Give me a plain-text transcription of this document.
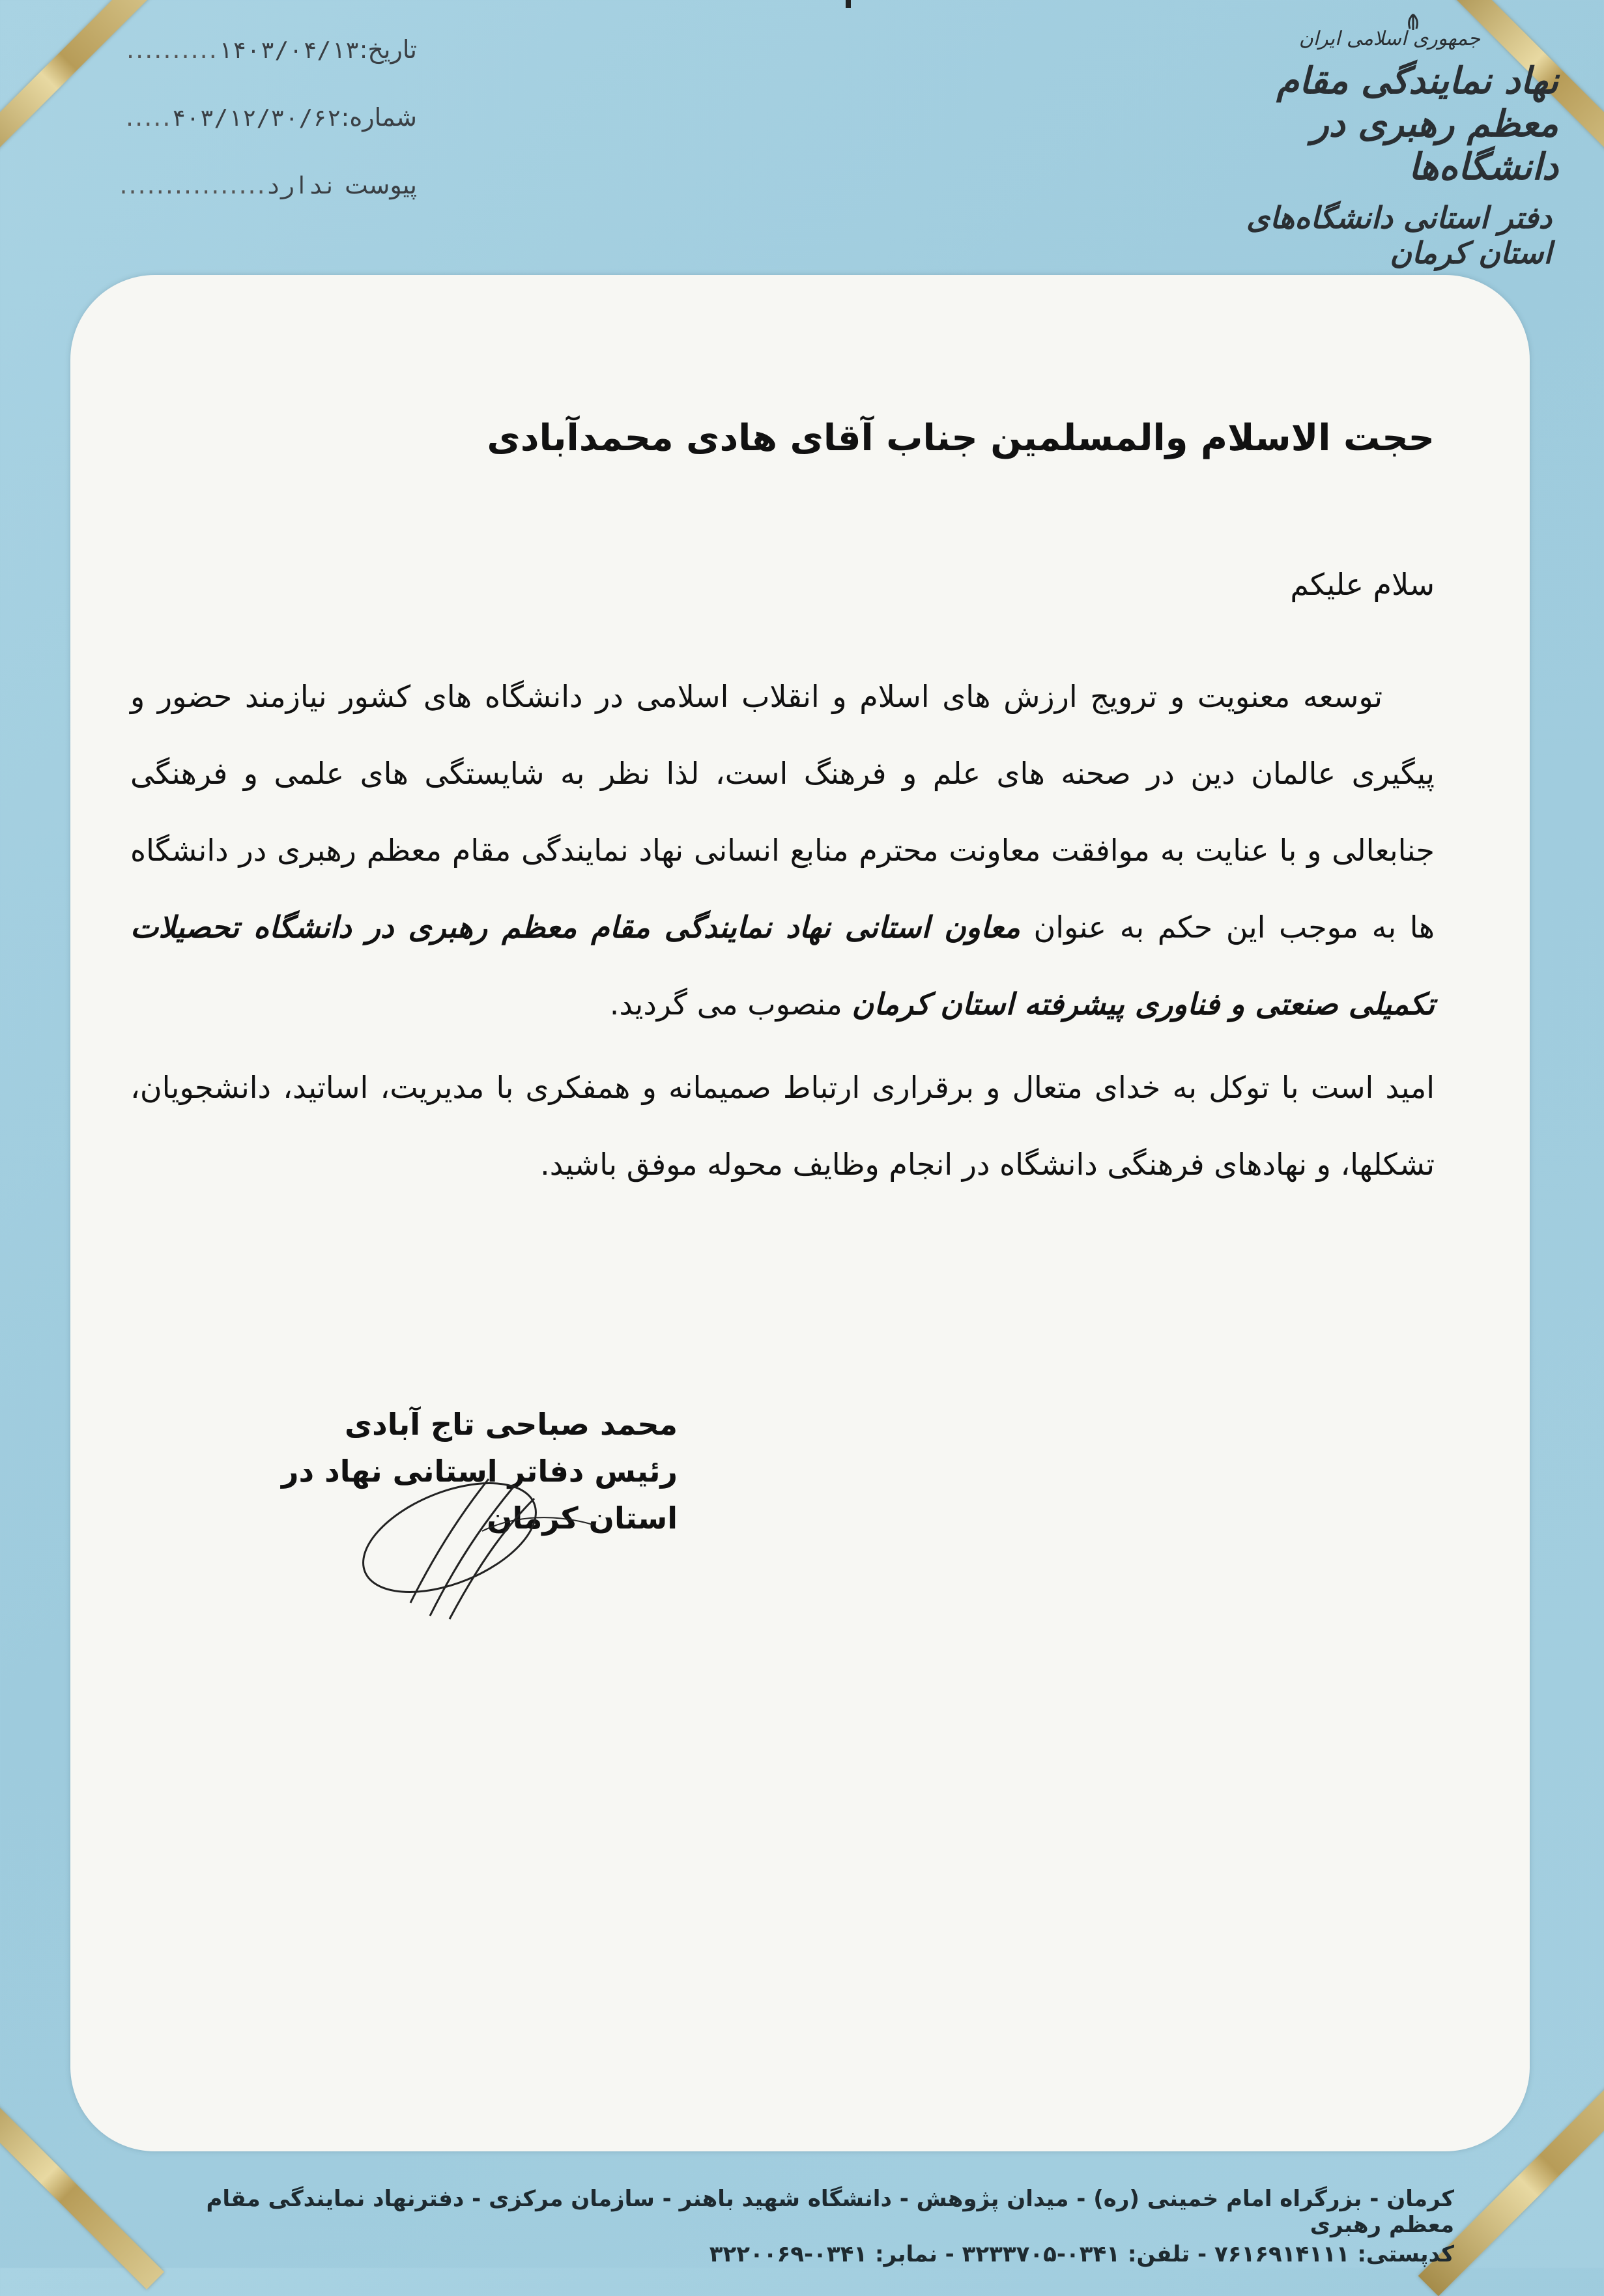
جمهوری اسلامی ایران
نهاد نمایندگی مقام معظم رهبری در دانشگاه‌ها
دفتر استانی دانشگاه‌های استان کرمان
تاریخ:
۱۴۰۳/۰۴/۱۳
..........
شماره:
۴۰۳/۱۲/۳۰/۶۲
.....
پیوست

ندارد
................
حجت الاسلام والمسلمین جناب آقای هادی محمدآبادی
سلام علیکم

توسعه معنویت و ترویج ارزش های اسلام و انقلاب اسلامی در دانشگاه های کشور نیازمند حضور و پیگیری عالمان دین در صحنه های علم و فرهنگ است، لذا نظر به شایستگی های علمی و فرهنگی جنابعالی و با عنایت به موافقت معاونت محترم منابع انسانی نهاد نمایندگی مقام معظم رهبری در دانشگاه ها به موجب این حکم به عنوان معاون استانی نهاد نمایندگی مقام معظم رهبری در دانشگاه تحصیلات تکمیلی صنعتی و فناوری پیشرفته استان کرمان منصوب می گردید.

امید است با توکل به خدای متعال و برقراری ارتباط صمیمانه و همفکری با مدیریت، اساتید، دانشجویان، تشکلها، و نهادهای فرهنگی دانشگاه در انجام وظایف محوله موفق باشید.
محمد صباحی تاج آبادی
رئیس دفاتر استانی نهاد در
استان کرمان
کرمان - بزرگراه امام خمینی (ره) - میدان پژوهش - دانشگاه شهید باهنر - سازمان مرکزی - دفترنهاد نمایندگی مقام معظم رهبری
کدپستی: ۷۶۱۶۹۱۴۱۱۱ - تلفن: ۰۳۴۱-۳۲۳۳۷۰۵ - نمابر: ۰۳۴۱-۳۲۲۰۰۶۹
